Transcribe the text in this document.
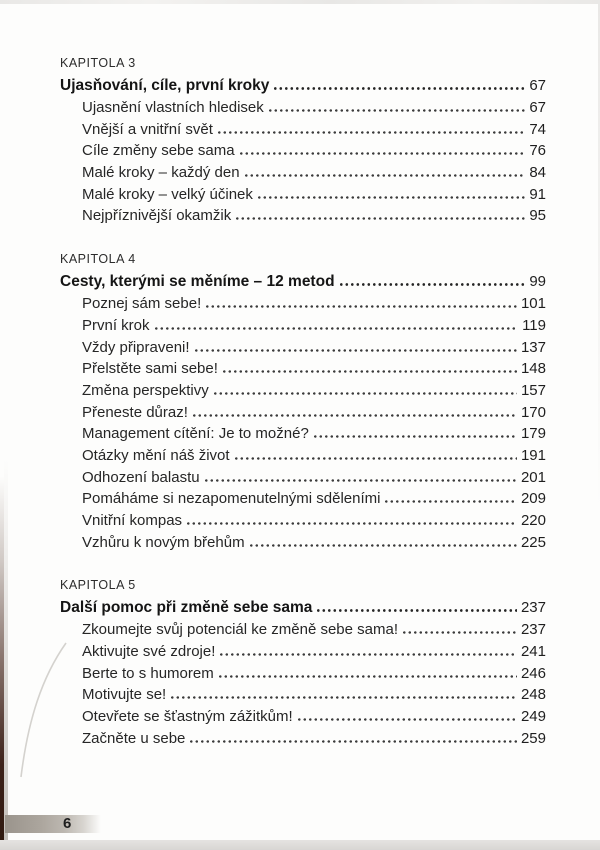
KAPITOLA 3
Ujasňování, cíle, první kroky	67
Ujasnění vlastních hledisek	67
Vnější a vnitřní svět	74
Cíle změny sebe sama	76
Malé kroky – každý den	84
Malé kroky – velký účinek	91
Nejpříznivější okamžik	95
KAPITOLA 4
Cesty, kterými se měníme – 12 metod	99
Poznej sám sebe!	101
První krok	119
Vždy připraveni!	137
Přelstěte sami sebe!	148
Změna perspektivy	157
Přeneste důraz!	170
Management cítění: Je to možné?	179
Otázky mění náš život	191
Odhození balastu	201
Pomáháme si nezapomenutelnými sděleními	209
Vnitřní kompas	220
Vzhůru k novým břehům	225
KAPITOLA 5
Další pomoc při změně sebe sama	237
Zkoumejte svůj potenciál ke změně sebe sama!	237
Aktivujte své zdroje!	241
Berte to s humorem	246
Motivujte se!	248
Otevřete se šťastným zážitkům!	249
Začněte u sebe	259
6
